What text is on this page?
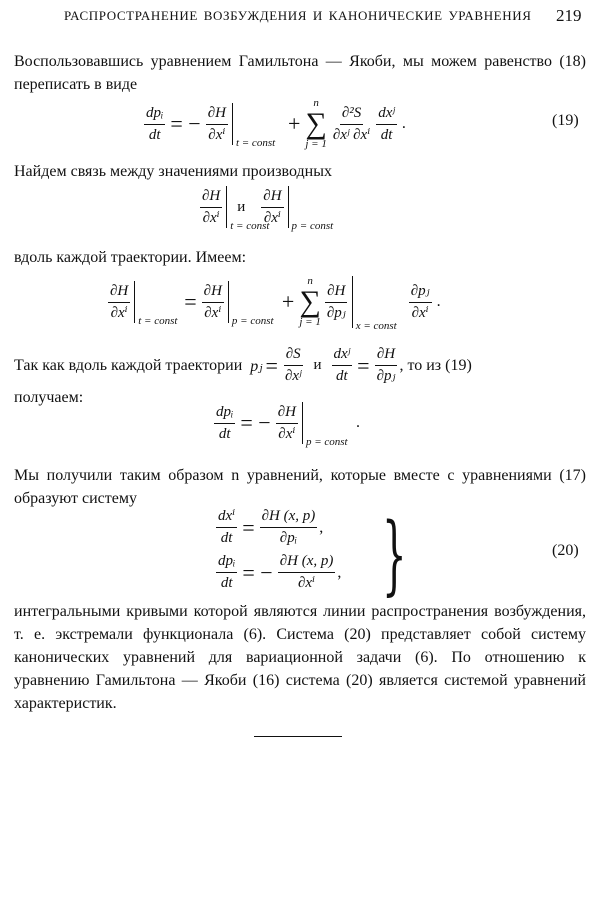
РАСПРОСТРАНЕНИЕ ВОЗБУЖДЕНИЯ И КАНОНИЧЕСКИЕ УРАВНЕНИЯ 219
Воспользовавшись уравнением Гамильтона — Якоби, мы можем равенство (18) переписать в виде
$\frac{\text{dpᵢ}}{dt}$ = − $\frac{\partial H}{\text{∂xⁱ}}$ t = const
+
n
∑
j = 1
$\frac{\text{∂²S}}{\text{∂xʲ ∂xⁱ}} \frac{\text{dxʲ}}{dt}$ .	(19)
Найдем связь между значениями производных
$\frac{\partial H}{\text{∂xⁱ}}$ t = const
и $\frac{\partial H}{\text{∂xⁱ}}$ p = const
вдоль каждой траектории. Имеем:
$\frac{\partial H}{\text{∂xⁱ}}$ t = const
= $\frac{\partial H}{\text{∂xⁱ}}$ p = const
+
n
∑
j = 1
$\frac{\partial H}{\text{∂pⱼ}}$
x = const
$\frac{\text{∂pⱼ}}{\text{∂xⁱ}}$ .
Так как вдоль каждой траектории pⱼ = $\frac{\partial S}{\text{∂xʲ}}$ и $\frac{\text{dxʲ}}{dt} = \frac{\partial H}{\text{∂pⱼ}}$ , то из (19)
получаем:
$\frac{\text{dpᵢ}}{dt}$ = − $\frac{\partial H}{\text{∂xⁱ}}$ p = const
.
Мы получили таким образом n уравнений, которые вместе с уравнениями (17) образуют систему
$\frac{\text{dxⁱ}}{dt} = \frac{\partial H (x, p)}{\text{∂pᵢ}}$ ,
$\frac{\text{dpᵢ}}{dt}$ = − $\frac{\partial H (x, p)}{\text{∂xⁱ}}$ , }	(20)
интегральными кривыми которой являются линии распространения возбуждения, т. е. экстремали функционала (6). Система (20) представляет собой систему канонических уравнений для вариационной задачи (6). По отношению к уравнению Гамильтона — Якоби (16) система (20) является системой уравнений характеристик.
